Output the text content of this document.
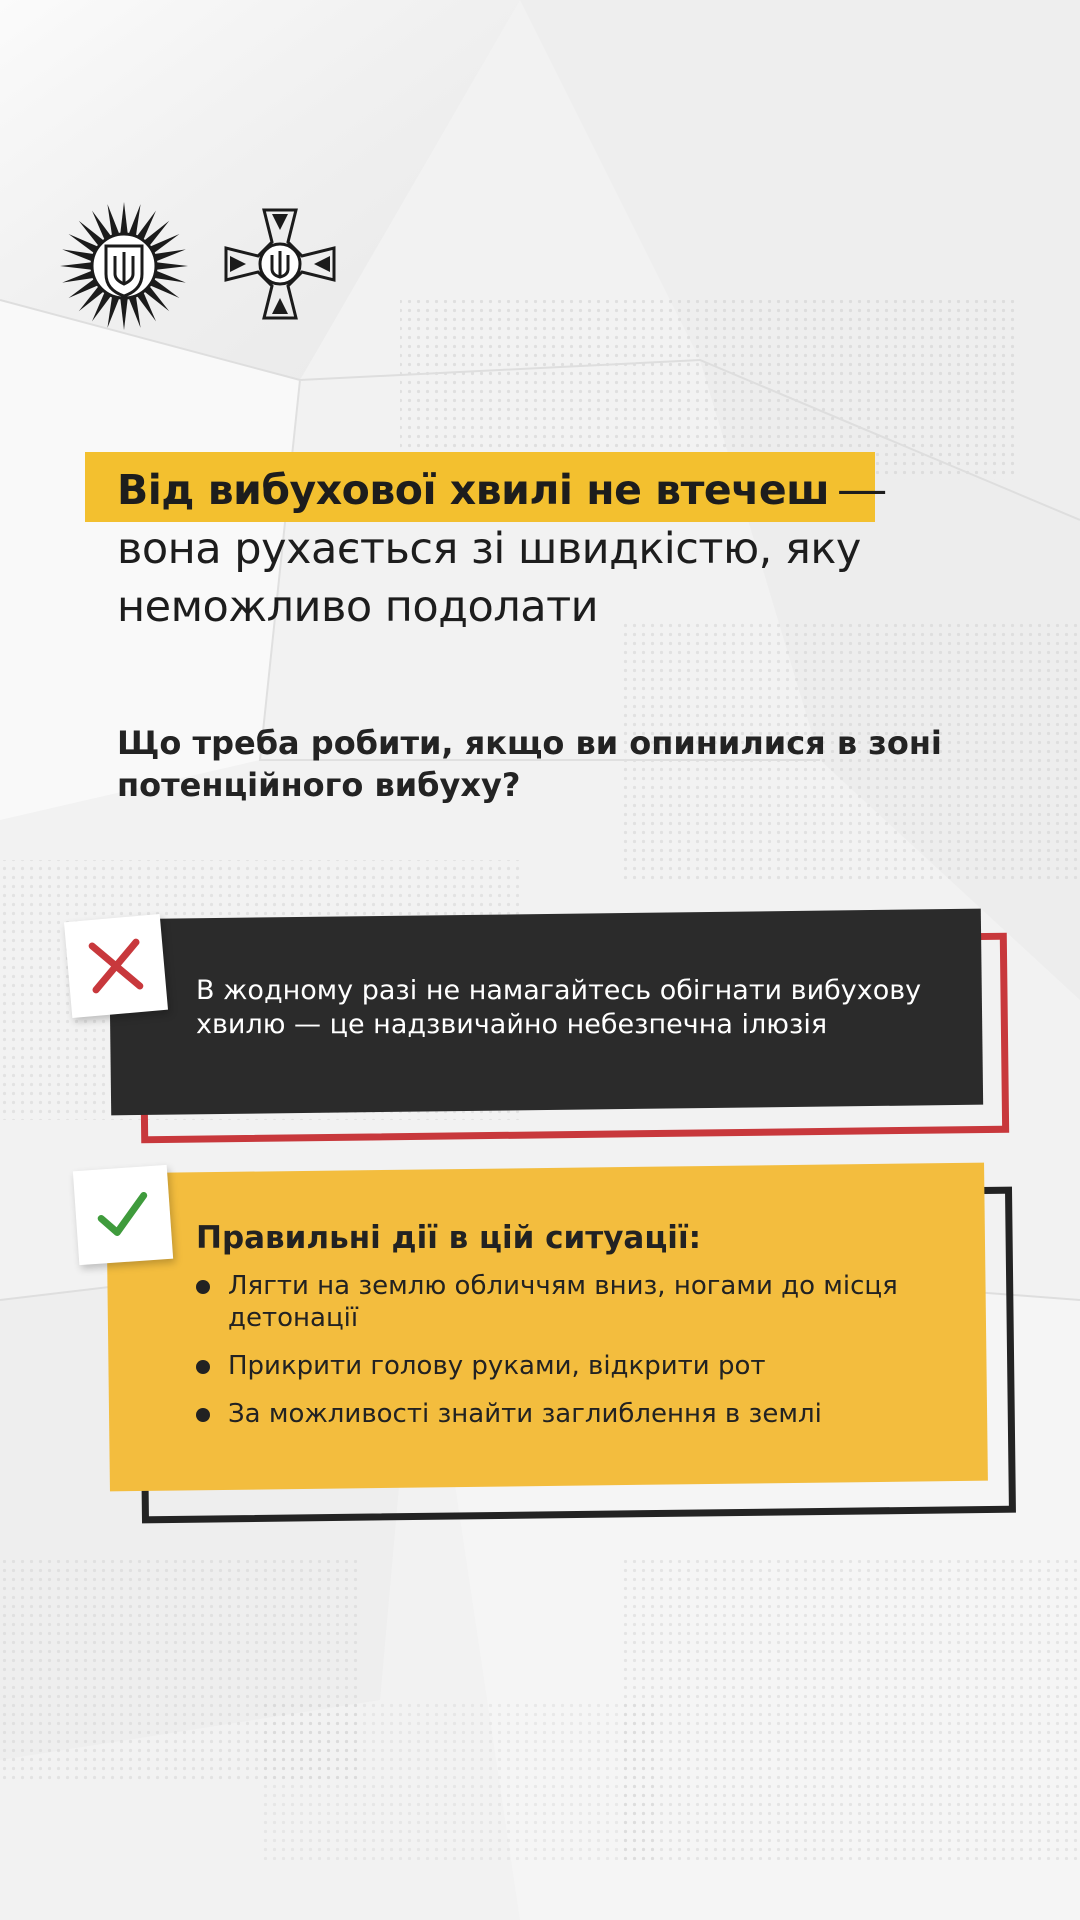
Від вибухової хвилі не втечеш —
вона рухається зі швидкістю, яку неможливо подолати
Що треба робити, якщо ви опинилися в зоні потенційного вибуху?
В жодному разі не намагайтесь обігнати вибухову хвилю — це надзвичайно небезпечна ілюзія
Правильні дії в цій ситуації:
Лягти на землю обличчям вниз, ногами до місця детонації
Прикрити голову руками, відкрити рот
За можливості знайти заглиблення в землі
